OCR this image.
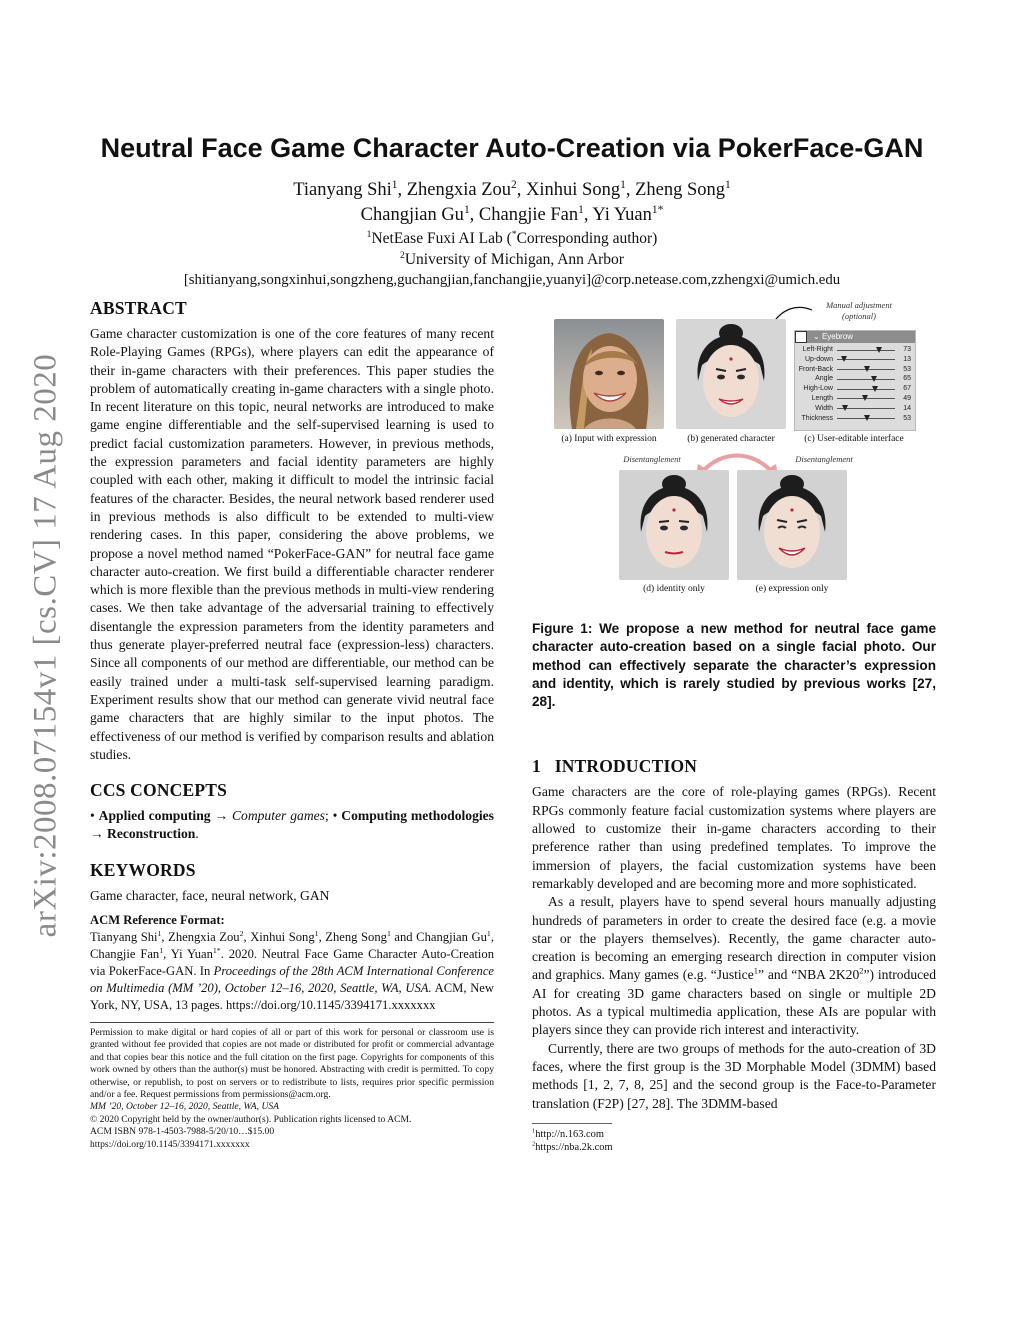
arXiv:2008.07154v1 [cs.CV] 17 Aug 2020
Neutral Face Game Character Auto-Creation via PokerFace-GAN
Tianyang Shi$^1$, Zhengxia Zou$^2$, Xinhui Song$^1$, Zheng Song$^1$
Changjian Gu$^1$, Changjie Fan$^1$, Yi Yuan$^{1*}$
$^1$NetEase Fuxi AI Lab (*Corresponding author)
$^2$University of Michigan, Ann Arbor
[shitianyang,songxinhui,songzheng,guchangjian,fanchangjie,yuanyi]@corp.netease.com,zzhengxi@umich.edu
ABSTRACT

Game character customization is one of the core features of many recent Role-Playing Games (RPGs), where players can edit the appearance of their in-game characters with their preferences. This paper studies the problem of automatically creating in-game characters with a single photo. In recent literature on this topic, neural networks are introduced to make game engine differentiable and the self-supervised learning is used to predict facial customization parameters. However, in previous methods, the expression parameters and facial identity parameters are highly coupled with each other, making it difficult to model the intrinsic facial features of the character. Besides, the neural network based renderer used in previous methods is also difficult to be extended to multi-view rendering cases. In this paper, considering the above problems, we propose a novel method named “PokerFace-GAN” for neutral face game character auto-creation. We first build a differentiable character renderer which is more flexible than the previous methods in multi-view rendering cases. We then take advantage of the adversarial training to effectively disentangle the expression parameters from the identity parameters and thus generate player-preferred neutral face (expression-less) characters. Since all components of our method are differentiable, our method can be easily trained under a multi-task self-supervised learning paradigm. Experiment results show that our method can generate vivid neutral face game characters that are highly similar to the input photos. The effectiveness of our method is verified by comparison results and ablation studies.

CCS CONCEPTS

• Applied computing → Computer games; • Computing methodologies → Reconstruction.

KEYWORDS

Game character, face, neural network, GAN

ACM Reference Format:
Tianyang Shi$^1$, Zhengxia Zou$^2$, Xinhui Song$^1$, Zheng Song$^1$ and Changjian Gu$^1$, Changjie Fan$^1$, Yi Yuan$^{1*}$. 2020. Neutral Face Game Character Auto-Creation via PokerFace-GAN. In Proceedings of the 28th ACM International Conference on Multimedia (MM ’20), October 12–16, 2020, Seattle, WA, USA. ACM, New York, NY, USA, 13 pages. https://doi.org/10.1145/3394171.xxxxxxx

Permission to make digital or hard copies of all or part of this work for personal or classroom use is granted without fee provided that copies are not made or distributed for profit or commercial advantage and that copies bear this notice and the full citation on the first page. Copyrights for components of this work owned by others than the author(s) must be honored. Abstracting with credit is permitted. To copy otherwise, or republish, to post on servers or to redistribute to lists, requires prior specific permission and/or a fee. Request permissions from permissions@acm.org.

MM ’20, October 12–16, 2020, Seattle, WA, USA

© 2020 Copyright held by the owner/author(s). Publication rights licensed to ACM.

ACM ISBN 978-1-4503-7988-5/20/10…$15.00

https://doi.org/10.1145/3394171.xxxxxxx

Manual adjustment
(optional)
⌄ Eyebrow
Left-Right	73
Up-down	13
Front-Back	53
Angle	65
High-Low	67
Length	49
Width	14
Thickness	53
(a) Input with expression	(b) generated character	(c) User-editable interface
Disentanglement	Disentanglement
(d) identity only	(e) expression only

Figure 1: We propose a new method for neutral face game character auto-creation based on a single facial photo. Our method can effectively separate the character’s expression and identity, which is rarely studied by previous works [27, 28].

1 INTRODUCTION

Game characters are the core of role-playing games (RPGs). Recent RPGs commonly feature facial customization systems where players are allowed to customize their in-game characters according to their preference rather than using predefined templates. To improve the immersion of players, the facial customization systems have been remarkably developed and are becoming more and more sophisticated.

As a result, players have to spend several hours manually adjusting hundreds of parameters in order to create the desired face (e.g. a movie star or the players themselves). Recently, the game character auto-creation is becoming an emerging research direction in computer vision and graphics. Many games (e.g. “Justice$^1$” and “NBA $2K20^2$”) introduced AI for creating 3D game characters based on single or multiple 2D photos. As a typical multimedia application, these AIs are popular with players since they can provide rich interest and interactivity.

Currently, there are two groups of methods for the auto-creation of 3D faces, where the first group is the 3D Morphable Model (3DMM) based methods [1, 2, 7, 8, 25] and the second group is the Face-to-Parameter translation (F2P) [27, 28]. The 3DMM-based

$^1$http://n.163.com

$^2$https://nba.2k.com
